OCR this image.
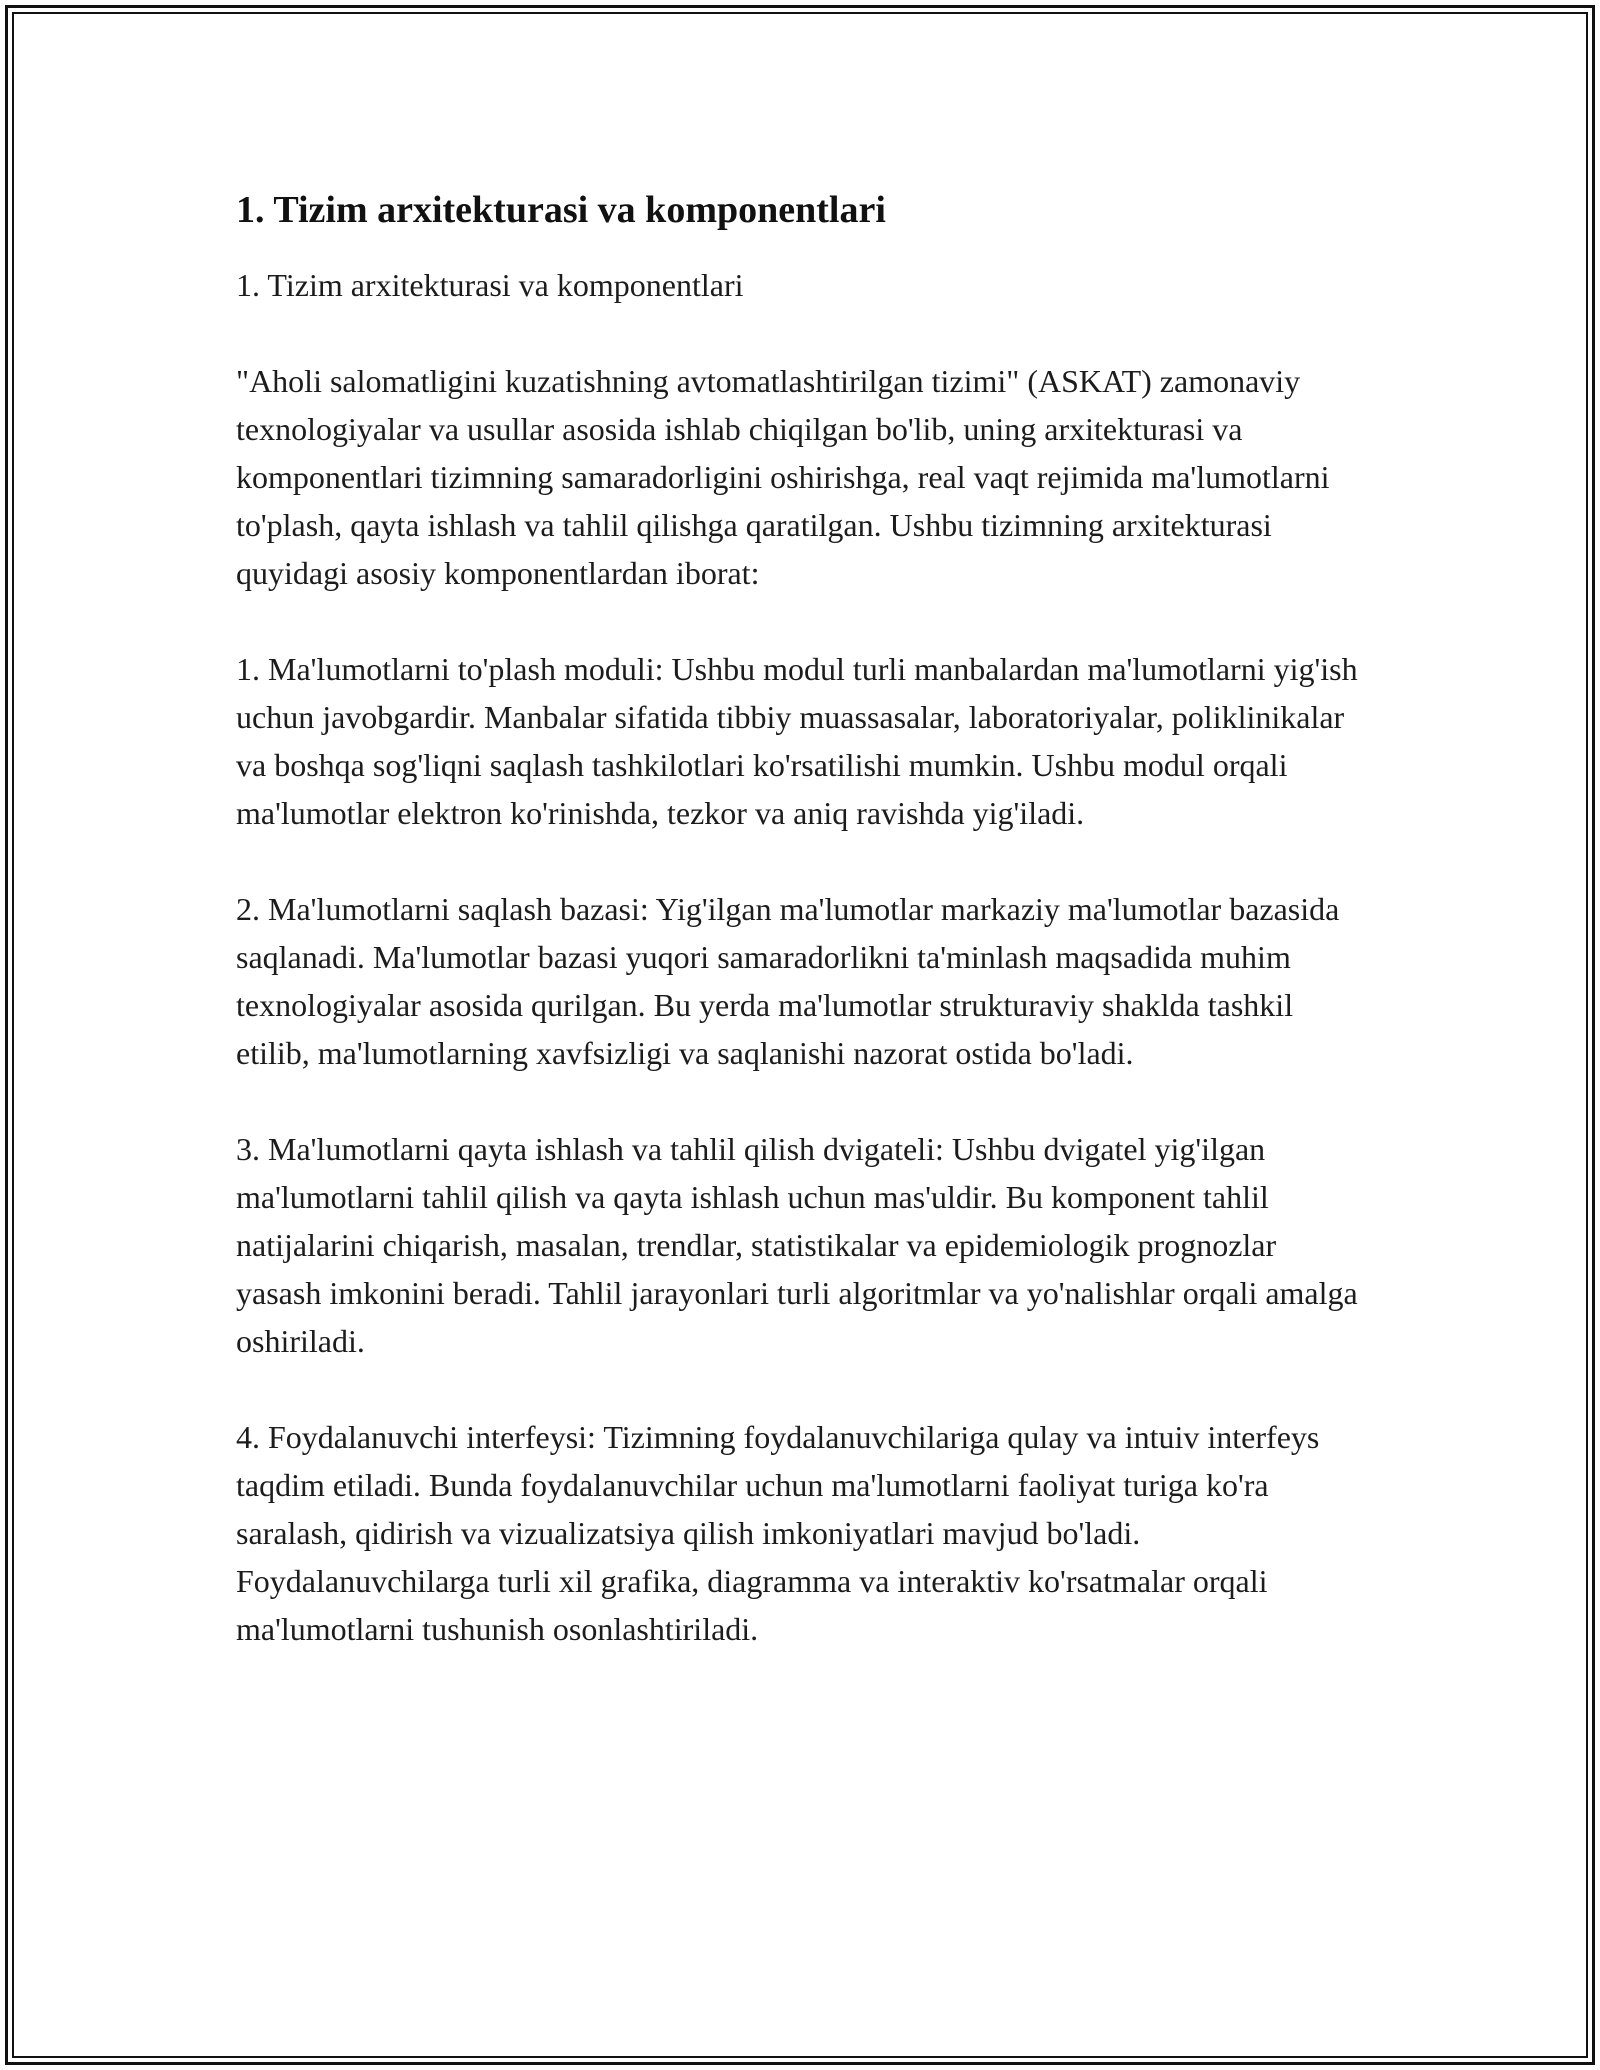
1. Tizim arxitekturasi va komponentlari

1. Tizim arxitekturasi va komponentlari

"Aholi salomatligini kuzatishning avtomatlashtirilgan tizimi" (ASKAT) zamonaviy texnologiyalar va usullar asosida ishlab chiqilgan bo'lib, uning arxitekturasi va komponentlari tizimning samaradorligini oshirishga, real vaqt rejimida ma'lumotlarni to'plash, qayta ishlash va tahlil qilishga qaratilgan. Ushbu tizimning arxitekturasi quyidagi asosiy komponentlardan iborat:

1. Ma'lumotlarni to'plash moduli: Ushbu modul turli manbalardan ma'lumotlarni yig'ish uchun javobgardir. Manbalar sifatida tibbiy muassasalar, laboratoriyalar, poliklinikalar va boshqa sog'liqni saqlash tashkilotlari ko'rsatilishi mumkin. Ushbu modul orqali ma'lumotlar elektron ko'rinishda, tezkor va aniq ravishda yig'iladi.

2. Ma'lumotlarni saqlash bazasi: Yig'ilgan ma'lumotlar markaziy ma'lumotlar bazasida saqlanadi. Ma'lumotlar bazasi yuqori samaradorlikni ta'minlash maqsadida muhim texnologiyalar asosida qurilgan. Bu yerda ma'lumotlar strukturaviy shaklda tashkil etilib, ma'lumotlarning xavfsizligi va saqlanishi nazorat ostida bo'ladi.

3. Ma'lumotlarni qayta ishlash va tahlil qilish dvigateli: Ushbu dvigatel yig'ilgan ma'lumotlarni tahlil qilish va qayta ishlash uchun mas'uldir. Bu komponent tahlil natijalarini chiqarish, masalan, trendlar, statistikalar va epidemiologik prognozlar yasash imkonini beradi. Tahlil jarayonlari turli algoritmlar va yo'nalishlar orqali amalga oshiriladi.

4. Foydalanuvchi interfeysi: Tizimning foydalanuvchilariga qulay va intuiv interfeys taqdim etiladi. Bunda foydalanuvchilar uchun ma'lumotlarni faoliyat turiga ko'ra saralash, qidirish va vizualizatsiya qilish imkoniyatlari mavjud bo'ladi. Foydalanuvchilarga turli xil grafika, diagramma va interaktiv ko'rsatmalar orqali ma'lumotlarni tushunish osonlashtiriladi.
